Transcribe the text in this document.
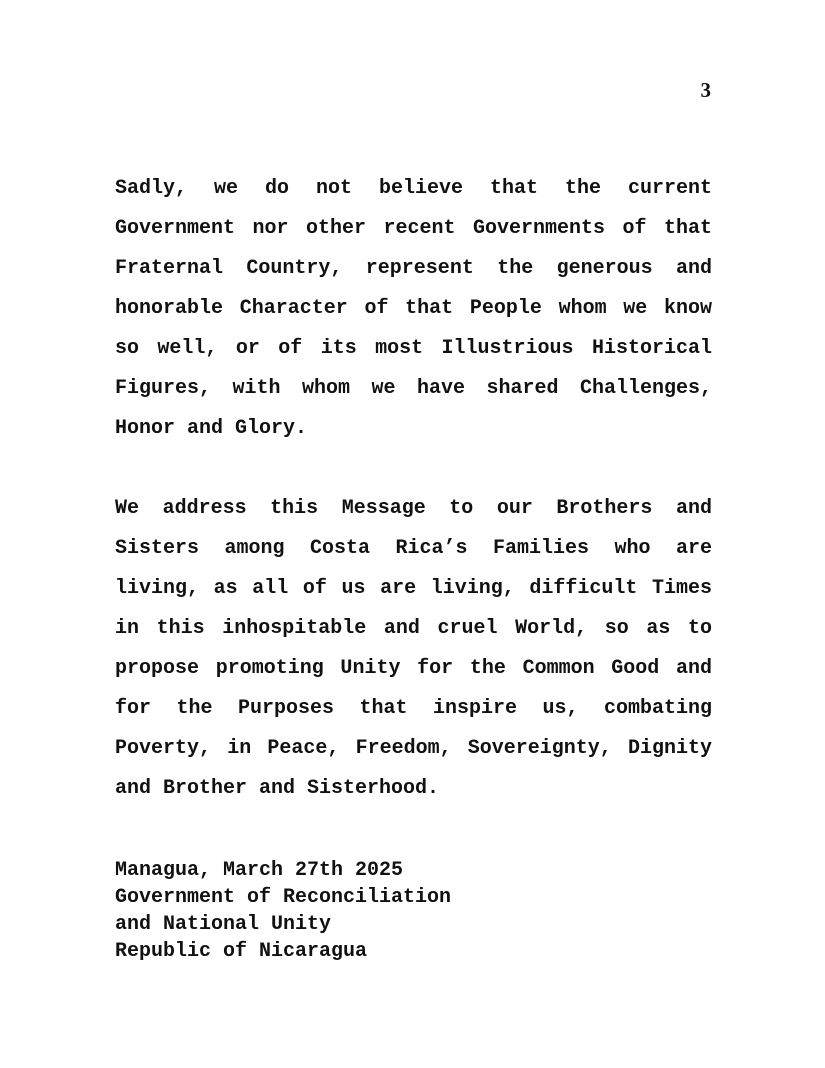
3

Sadly, we do not believe that the current Government nor other recent Governments of that Fraternal Country, represent the generous and honorable Character of that People whom we know so well, or of its most Illustrious Historical Figures, with whom we have shared Challenges, Honor and Glory.

We address this Message to our Brothers and Sisters among Costa Rica’s Families who are living, as all of us are living, difficult Times in this inhospitable and cruel World, so as to propose promoting Unity for the Common Good and for the Purposes that inspire us, combating Poverty, in Peace, Freedom, Sovereignty, Dignity and Brother and Sisterhood.

Managua, March 27th 2025
Government of Reconciliation
and National Unity
Republic of Nicaragua
